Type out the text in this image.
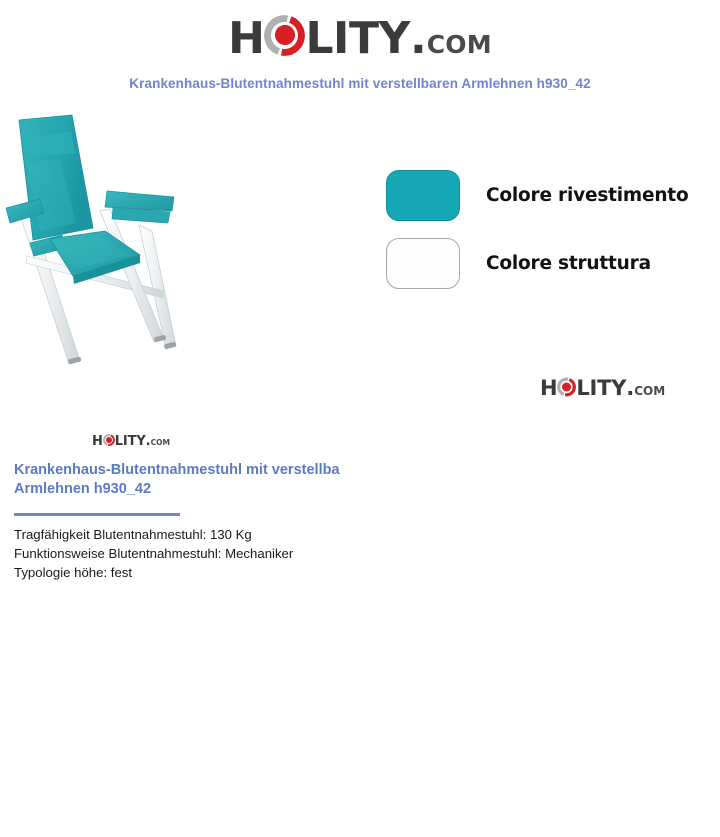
H LITY . COM
Krankenhaus-Blutentnahmestuhl mit verstellbaren Armlehnen h930_42
H LITY . COM
Colore rivestimento
Colore struttura
H LITY . COM
Krankenhaus-Blutentnahmestuhl mit verstellba
Armlehnen h930_42
Tragfähigkeit Blutentnahmestuhl: 130 Kg
Funktionsweise Blutentnahmestuhl: Mechaniker
Typologie höhe: fest
